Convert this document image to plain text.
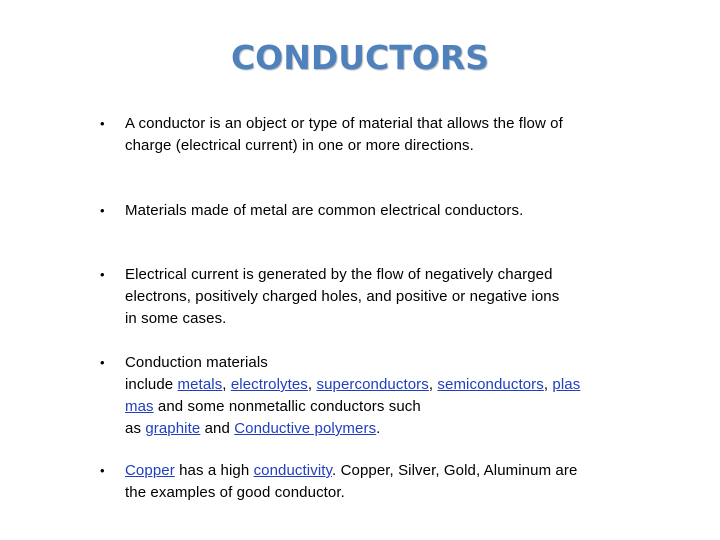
CONDUCTORS
•	A conductor is an object or type of material that allows the flow of
charge (electrical current) in one or more directions.
•	Materials made of metal are common electrical conductors.
•	Electrical current is generated by the flow of negatively charged
electrons, positively charged holes, and positive or negative ions
in some cases.
•	Conduction materials
include metals, electrolytes, superconductors, semiconductors, plas
mas and some nonmetallic conductors such
as graphite and Conductive polymers.
•	Copper has a high conductivity. Copper, Silver, Gold, Aluminum are
the examples of good conductor.
